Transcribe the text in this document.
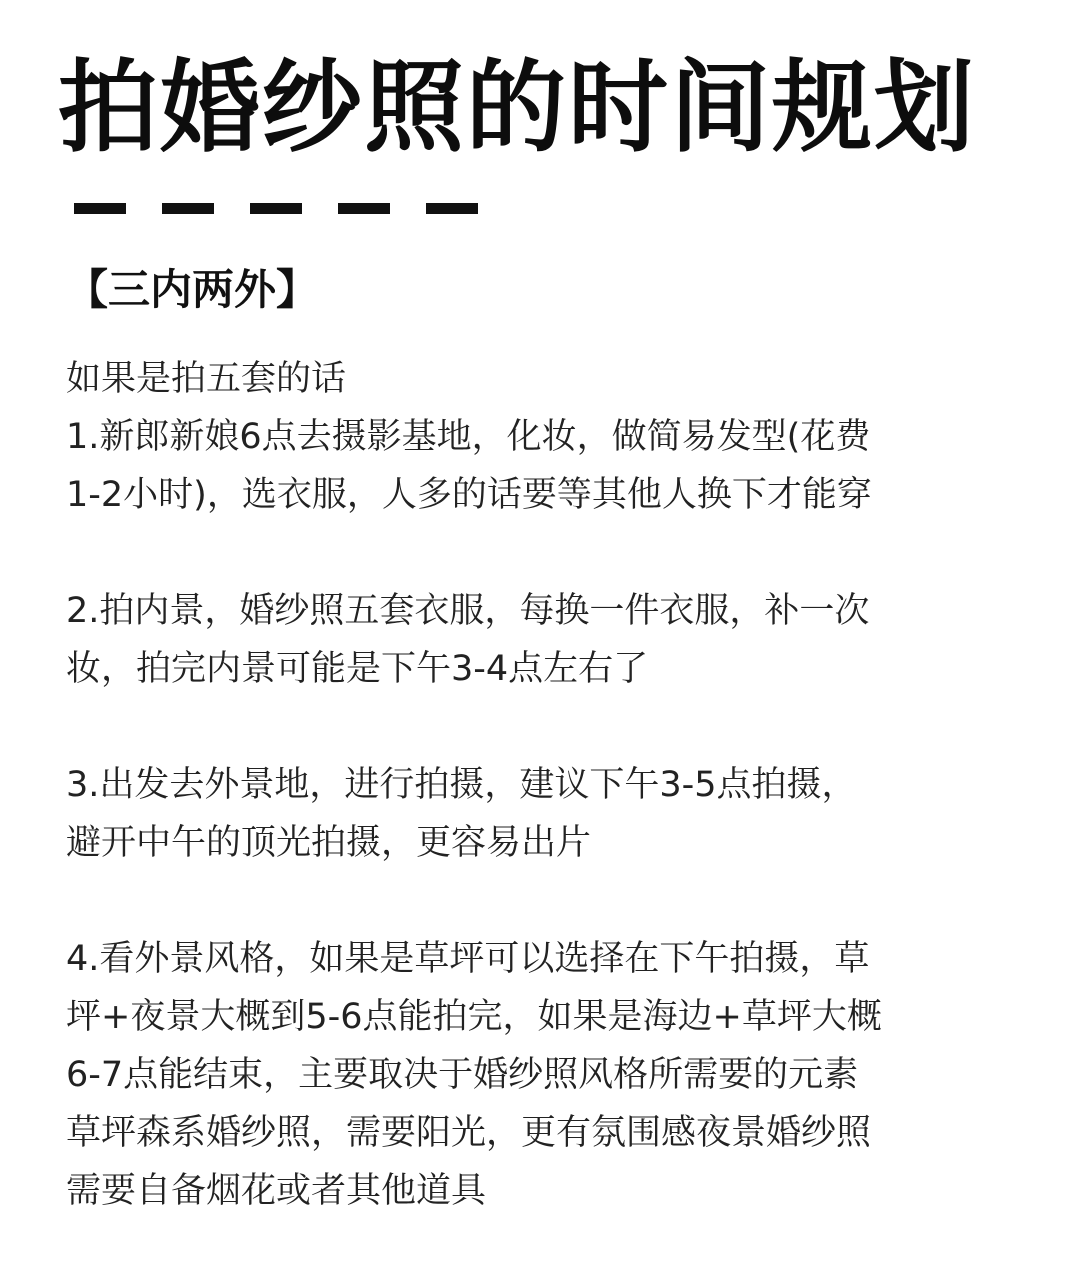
拍婚纱照的时间规划
【三内两外】
如果是拍五套的话
1.新郎新娘6点去摄影基地，化妆，做简易发型(花费
1-2小时)，选衣服，人多的话要等其他人换下才能穿
2.拍内景，婚纱照五套衣服，每换一件衣服，补一次
妆，拍完内景可能是下午3-4点左右了
3.出发去外景地，进行拍摄，建议下午3-5点拍摄，
避开中午的顶光拍摄，更容易出片
4.看外景风格，如果是草坪可以选择在下午拍摄，草
坪+夜景大概到5-6点能拍完，如果是海边+草坪大概
6-7点能结束，主要取决于婚纱照风格所需要的元素
草坪森系婚纱照，需要阳光，更有氛围感夜景婚纱照
需要自备烟花或者其他道具
